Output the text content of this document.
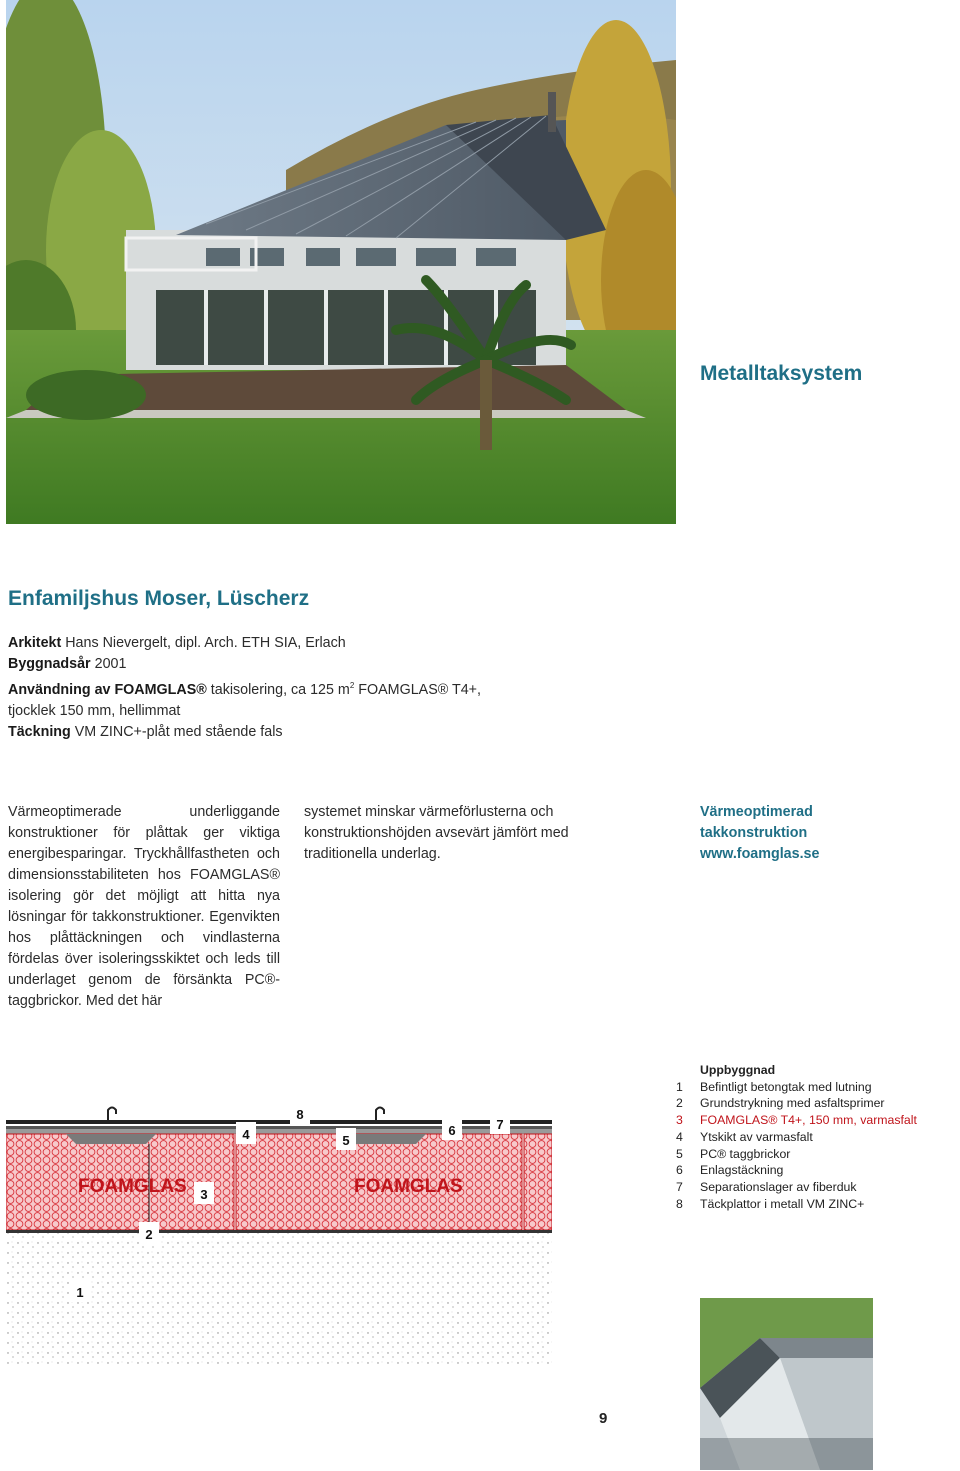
Metalltaksystem
Enfamiljshus Moser, Lüscherz
Arkitekt Hans Nievergelt, dipl. Arch. ETH SIA, Erlach
Byggnadsår 2001
Användning av FOAMGLAS® takisolering, ca 125 $m^2$ FOAMGLAS® T4+,
tjocklek 150 mm, hellimmat
Täckning VM ZINC+-plåt med stående fals
Värmeoptimerade underliggande konstruktioner för plåttak ger viktiga energibesparingar. Tryckhållfastheten och dimensionsstabiliteten hos FOAMGLAS® isolering gör det möjligt att hitta nya lösningar för takkonstruktioner. Egenvikten hos plåttäckningen och vindlasterna fördelas över isoleringsskiktet och leds till underlaget genom de försänkta PC®-taggbrickor. Med det här
systemet minskar värmeförlusterna och konstruktionshöjden avsevärt jämfört med traditionella underlag.
Värmeoptimerad
takkonstruktion
www.foamglas.se
FOAMGLAS	FOAMGLAS
1
2
3
4	5
6	7
8
Uppbyggnad
1	Befintligt betongtak med lutning
2	Grundstrykning med asfaltsprimer
3	FOAMGLAS® T4+, 150 mm, varmasfalt
4	Ytskikt av varmasfalt
5	PC® taggbrickor
6	Enlagstäckning
7	Separationslager av fiberduk
8	Täckplattor i metall VM ZINC+
9
